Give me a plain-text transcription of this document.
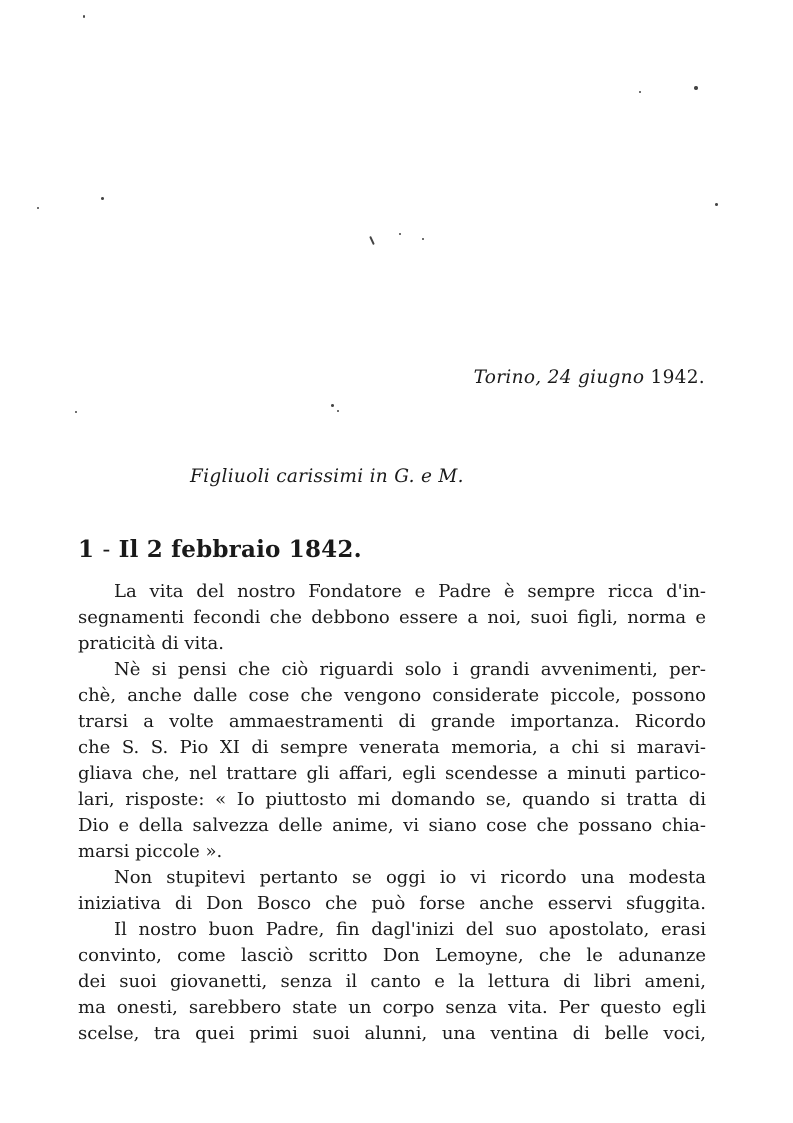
Torino, 24 giugno 1942.
Figliuoli carissimi in G. e M.
1 - Il 2 febbraio 1842.
La vita del nostro Fondatore e Padre è sempre ricca d'in-
segnamenti fecondi che debbono essere a noi, suoi figli, norma e
praticità di vita.
Nè si pensi che ciò riguardi solo i grandi avvenimenti, per-
chè, anche dalle cose che vengono considerate piccole, possono
trarsi a volte ammaestramenti di grande importanza. Ricordo
che S. S. Pio XI di sempre venerata memoria, a chi si maravi-
gliava che, nel trattare gli affari, egli scendesse a minuti partico-
lari, risposte: « Io piuttosto mi domando se, quando si tratta di
Dio e della salvezza delle anime, vi siano cose che possano chia-
marsi piccole ».
Non stupitevi pertanto se oggi io vi ricordo una modesta
iniziativa di Don Bosco che può forse anche esservi sfuggita.
Il nostro buon Padre, fin dagl'inizi del suo apostolato, erasi
convinto, come lasciò scritto Don Lemoyne, che le adunanze
dei suoi giovanetti, senza il canto e la lettura di libri ameni,
ma onesti, sarebbero state un corpo senza vita. Per questo egli
scelse, tra quei primi suoi alunni, una ventina di belle voci,
